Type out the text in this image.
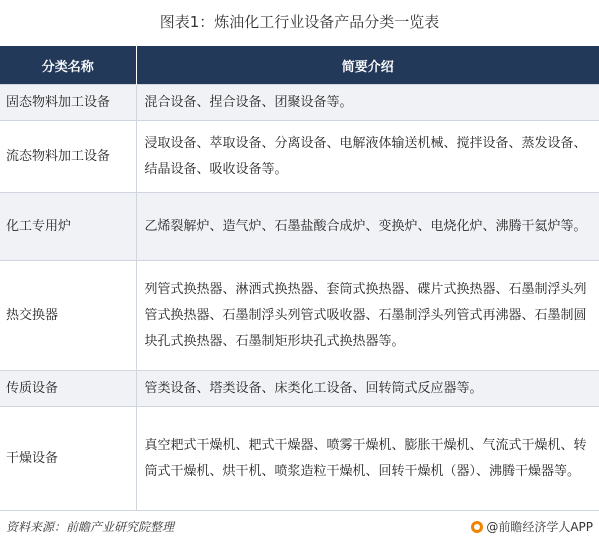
图表1：炼油化工行业设备产品分类一览表
分类名称	简要介绍
固态物料加工设备	混合设备、捏合设备、团聚设备等。
流态物料加工设备	浸取设备、萃取设备、分离设备、电解液体输送机械、搅拌设备、蒸发设备、结晶设备、吸收设备等。
化工专用炉	乙烯裂解炉、造气炉、石墨盐酸合成炉、变换炉、电烧化炉、沸腾干氦炉等。
热交换器	列管式换热器、淋洒式换热器、套筒式换热器、碟片式换热器、石墨制浮头列管式换热器、石墨制浮头列管式吸收器、石墨制浮头列管式再沸器、石墨制圆块孔式换热器、石墨制矩形块孔式换热器等。
传质设备	管类设备、塔类设备、床类化工设备、回转筒式反应器等。
干燥设备	真空耙式干燥机、耙式干燥器、喷雾干燥机、膨胀干燥机、气流式干燥机、转筒式干燥机、烘干机、喷浆造粒干燥机、回转干燥机（器）、沸腾干燥器等。
资料来源：前瞻产业研究院整理	@前瞻经济学人APP
